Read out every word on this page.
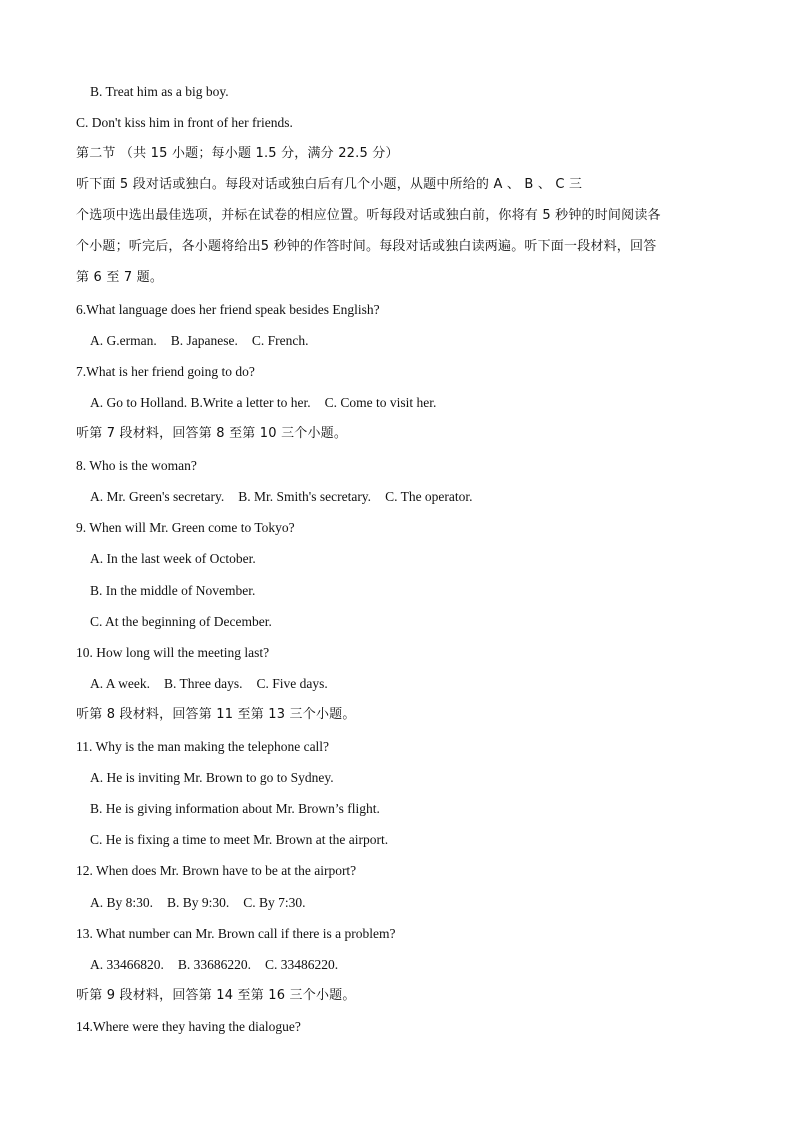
B. Treat him as a big boy.
C. Don't kiss him in front of her friends.
第二节 （共 15 小题；每小题 1.5 分，满分 22.5 分）
听下面 5 段对话或独白。每段对话或独白后有几个小题，从题中所给的 A 、 B 、 C 三
个选项中选出最佳选项，并标在试卷的相应位置。听每段对话或独白前，你将有 5 秒钟的时间阅读各
个小题；听完后，各小题将给出5 秒钟的作答时间。每段对话或独白读两遍。听下面一段材料，回答
第 6 至 7 题。
6.What language does her friend speak besides English?
A. G.erman. B. Japanese. C. French.
7.What is her friend going to do?
A. Go to Holland. B.Write a letter to her. C. Come to visit her.
听第 7 段材料，回答第 8 至第 10 三个小题。
8. Who is the woman?
A. Mr. Green's secretary. B. Mr. Smith's secretary. C. The operator.
9. When will Mr. Green come to Tokyo?
A. In the last week of October.
B. In the middle of November.
C. At the beginning of December.
10. How long will the meeting last?
A. A week. B. Three days. C. Five days.
听第 8 段材料，回答第 11 至第 13 三个小题。
11. Why is the man making the telephone call?
A. He is inviting Mr. Brown to go to Sydney.
B. He is giving information about Mr. Brown’s flight.
C. He is fixing a time to meet Mr. Brown at the airport.
12. When does Mr. Brown have to be at the airport?
A. By 8:30. B. By 9:30. C. By 7:30.
13. What number can Mr. Brown call if there is a problem?
A. 33466820. B. 33686220. C. 33486220.
听第 9 段材料，回答第 14 至第 16 三个小题。
14.Where were they having the dialogue?
